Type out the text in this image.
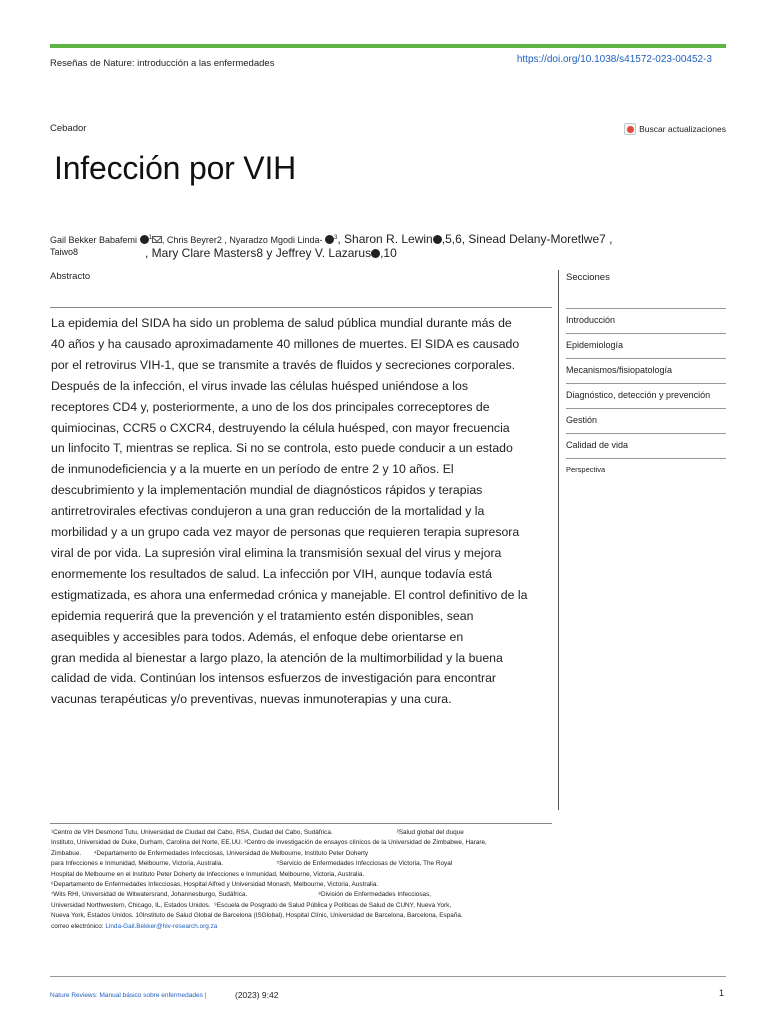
Reseñas de Nature: introducción a las enfermedades	https://doi.org/10.1038/s41572-023-00452-3
Cebador	Buscar actualizaciones
Infección por VIH
Gail Bekker Babafemi $^1$ , Chris Beyrer2 , Nyaradzo Mgodi Linda- $^3$, Sharon R. Lewin ,5,6, Sinead Delany-Moretlwe7 ,
Taiwo8	, Mary Clare Masters8 y Jeffrey V. Lazarus ,10
Abstracto
La epidemia del SIDA ha sido un problema de salud pública mundial durante más de
40 años y ha causado aproximadamente 40 millones de muertes. El SIDA es causado
por el retrovirus VIH-1, que se transmite a través de fluidos y secreciones corporales.
Después de la infección, el virus invade las células huésped uniéndose a los
receptores CD4 y, posteriormente, a uno de los dos principales correceptores de
quimiocinas, CCR5 o CXCR4, destruyendo la célula huésped, con mayor frecuencia
un linfocito T, mientras se replica. Si no se controla, esto puede conducir a un estado
de inmunodeficiencia y a la muerte en un período de entre 2 y 10 años. El
descubrimiento y la implementación mundial de diagnósticos rápidos y terapias
antirretrovirales efectivas condujeron a una gran reducción de la mortalidad y la
morbilidad y a un grupo cada vez mayor de personas que requieren terapia supresora
viral de por vida. La supresión viral elimina la transmisión sexual del virus y mejora
enormemente los resultados de salud. La infección por VIH, aunque todavía está
estigmatizada, es ahora una enfermedad crónica y manejable. El control definitivo de la
epidemia requerirá que la prevención y el tratamiento estén disponibles, sean
asequibles y accesibles para todos. Además, el enfoque debe orientarse en
gran medida al bienestar a largo plazo, la atención de la multimorbilidad y la buena
calidad de vida. Continúan los intensos esfuerzos de investigación para encontrar
vacunas terapéuticas y/o preventivas, nuevas inmunoterapias y una cura.
Secciones
Introducción
Epidemiología
Mecanismos/fisiopatología
Diagnóstico, detección y prevención
Gestión
Calidad de vida
Perspectiva
¹Centro de VIH Desmond Tutu, Universidad de Ciudad del Cabo, RSA, Ciudad del Cabo, Sudáfrica.                                    ²Salud global del duque
Instituto, Universidad de Duke, Durham, Carolina del Norte, EE.UU. ³Centro de investigación de ensayos clínicos de la Universidad de Zimbabwe, Harare,
Zimbabue.       ⁴Departamento de Enfermedades Infecciosas, Universidad de Melbourne, Instituto Peter Doherty
para Infecciones e Inmunidad, Melbourne, Victoria, Australia.                              ⁵Servicio de Enfermedades Infecciosas de Victoria, The Royal
Hospital de Melbourne en el Instituto Peter Doherty de Infecciones e Inmunidad, Melbourne, Victoria, Australia.
⁶Departamento de Enfermedades Infecciosas, Hospital Alfred y Universidad Monash, Melbourne, Victoria, Australia.
⁷Wits RHI, Universidad de Witwatersrand, Johannesburgo, Sudáfrica.                                        ⁸División de Enfermedades Infecciosas,
Universidad Northwestern, Chicago, IL, Estados Unidos.  ⁹Escuela de Posgrado de Salud Pública y Políticas de Salud de CUNY, Nueva York,
Nueva York, Estados Unidos. 10Instituto de Salud Global de Barcelona (ISGlobal), Hospital Clínic, Universidad de Barcelona, Barcelona, España.
correo electrónico: Linda-Gail.Bekker@hiv-research.org.za
Nature Reviews: Manual básico sobre enfermedades |	(2023) 9:42	1
